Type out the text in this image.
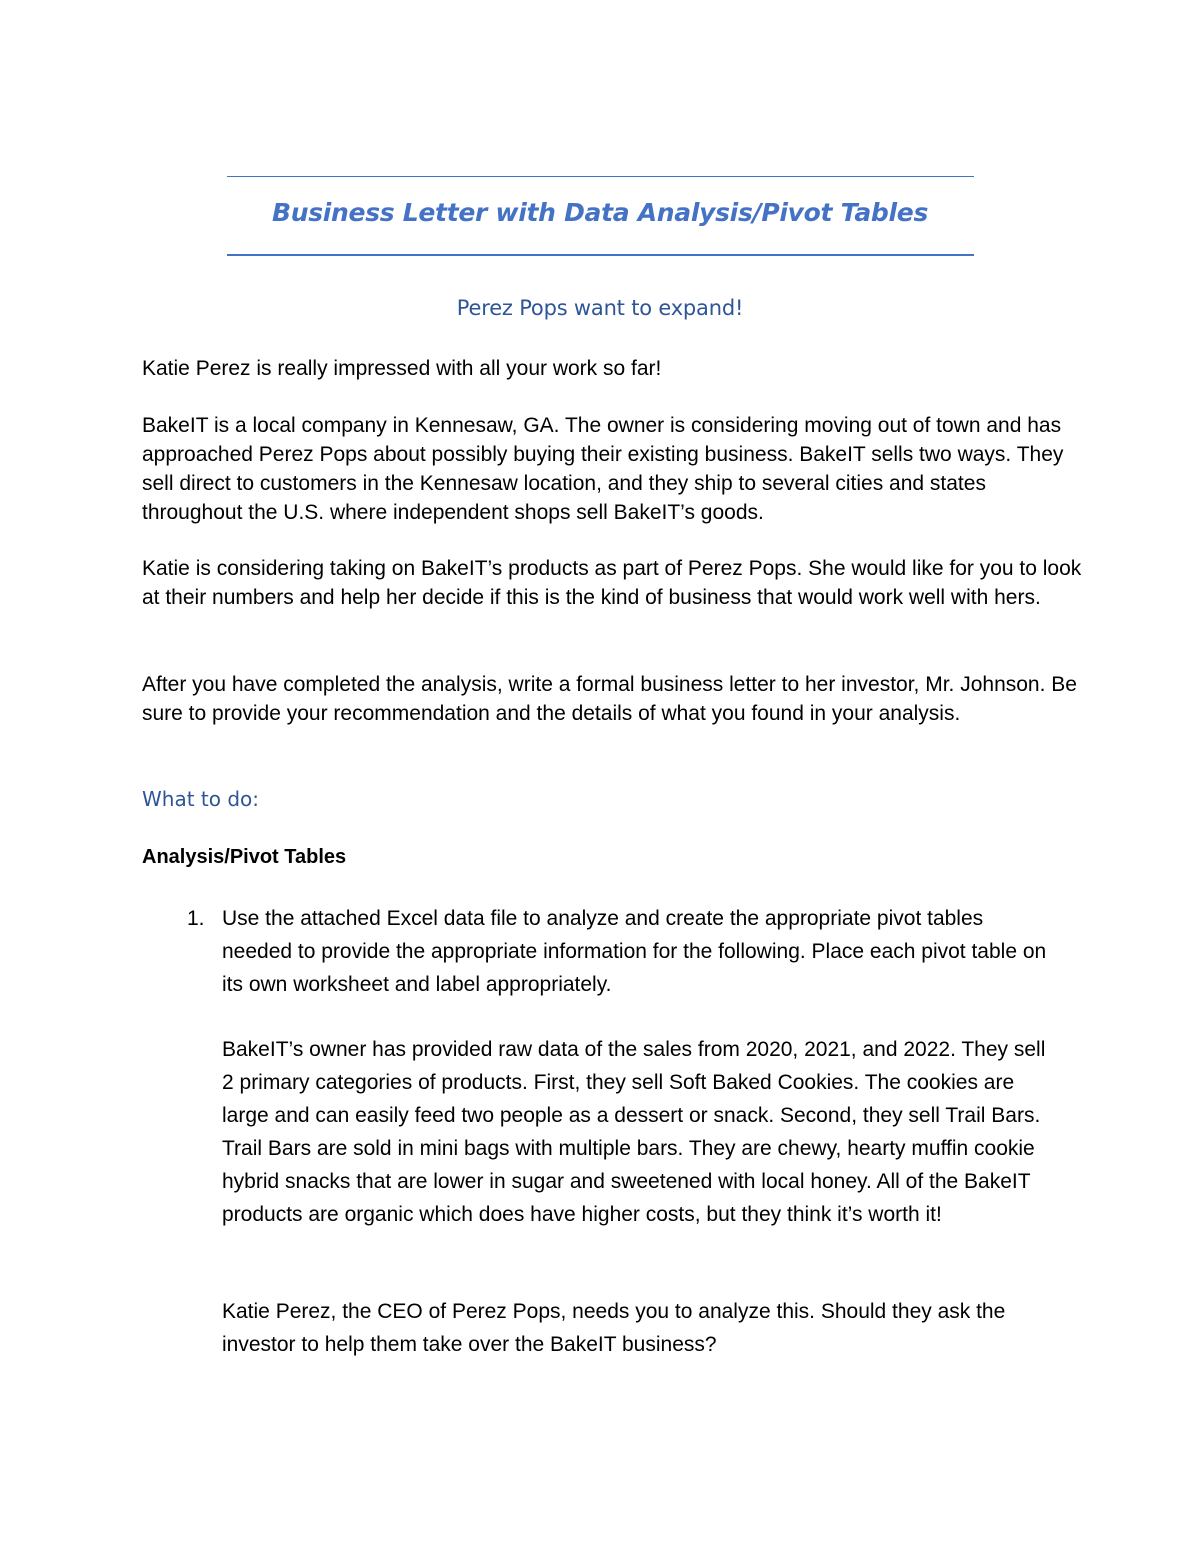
Business Letter with Data Analysis/Pivot Tables
Perez Pops want to expand!
Katie Perez is really impressed with all your work so far!
BakeIT is a local company in Kennesaw, GA. The owner is considering moving out of town and has approached Perez Pops about possibly buying their existing business. BakeIT sells two ways. They sell direct to customers in the Kennesaw location, and they ship to several cities and states throughout the U.S. where independent shops sell BakeIT’s goods.
Katie is considering taking on BakeIT’s products as part of Perez Pops. She would like for you to look at their numbers and help her decide if this is the kind of business that would work well with hers.
After you have completed the analysis, write a formal business letter to her investor, Mr. Johnson. Be sure to provide your recommendation and the details of what you found in your analysis.
What to do:
Analysis/Pivot Tables
1. Use the attached Excel data file to analyze and create the appropriate pivot tables needed to provide the appropriate information for the following. Place each pivot table on its own worksheet and label appropriately.
BakeIT’s owner has provided raw data of the sales from 2020, 2021, and 2022. They sell 2 primary categories of products. First, they sell Soft Baked Cookies. The cookies are large and can easily feed two people as a dessert or snack. Second, they sell Trail Bars. Trail Bars are sold in mini bags with multiple bars. They are chewy, hearty muffin cookie hybrid snacks that are lower in sugar and sweetened with local honey. All of the BakeIT products are organic which does have higher costs, but they think it’s worth it!
Katie Perez, the CEO of Perez Pops, needs you to analyze this. Should they ask the investor to help them take over the BakeIT business?
